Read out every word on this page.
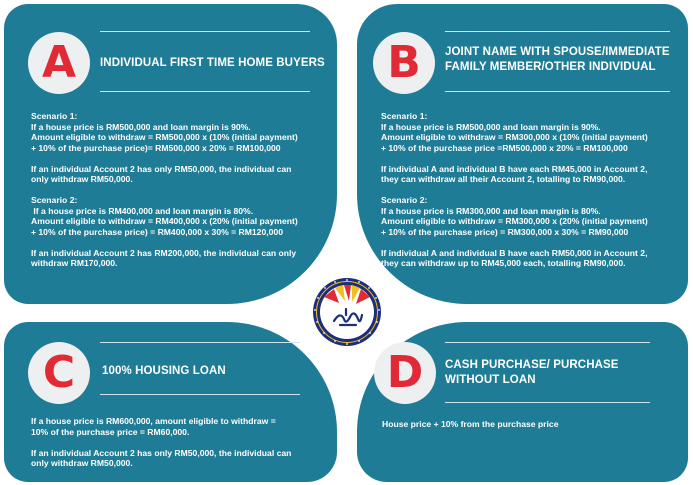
A	INDIVIDUAL FIRST TIME HOME BUYERS

Scenario 1:

If a house price is RM500,000 and loan margin is 90%.

Amount eligible to withdraw = RM500,000 x (10% (initial payment)

+ 10% of the purchase price)= RM500,000 x 20% = RM100,000

If an individual Account 2 has only RM50,000, the individual can

only withdraw RM50,000.

Scenario 2:

If a house price is RM400,000 and loan margin is 80%.

Amount eligible to withdraw = RM400,000 x (20% (initial payment)

+ 10% of the purchase price) = RM400,000 x 30% = RM120,000

If an individual Account 2 has RM200,000, the individual can only

withdraw RM170,000.

B	JOINT NAME WITH SPOUSE/IMMEDIATE
FAMILY MEMBER/OTHER INDIVIDUAL

Scenario 1:

If a house price is RM500,000 and loan margin is 90%.

Amount eligible to withdraw = RM300,000 x (10% (initial payment)

+ 10% of the purchase price =RM500,000 x 20% = RM100,000

If individual A and individual B have each RM45,000 in Account 2,

they can withdraw all their Account 2, totalling to RM90,000.

Scenario 2:

If a house price is RM300,000 and loan margin is 80%.

Amount eligible to withdraw = RM300,000 x (20% (initial payment)

+ 10% of the purchase price) = RM300,000 x 30% = RM90,000

If individual A and individual B have each RM50,000 in Account 2,

they can withdraw up to RM45,000 each, totalling RM90,000.

C	100% HOUSING LOAN

If a house price is RM600,000, amount eligible to withdraw =

10% of the purchase price = RM60,000.

If an individual Account 2 has only RM50,000, the individual can

only withdraw RM50,000.

D	CASH PURCHASE/ PURCHASE
WITHOUT LOAN

House price + 10% from the purchase price
